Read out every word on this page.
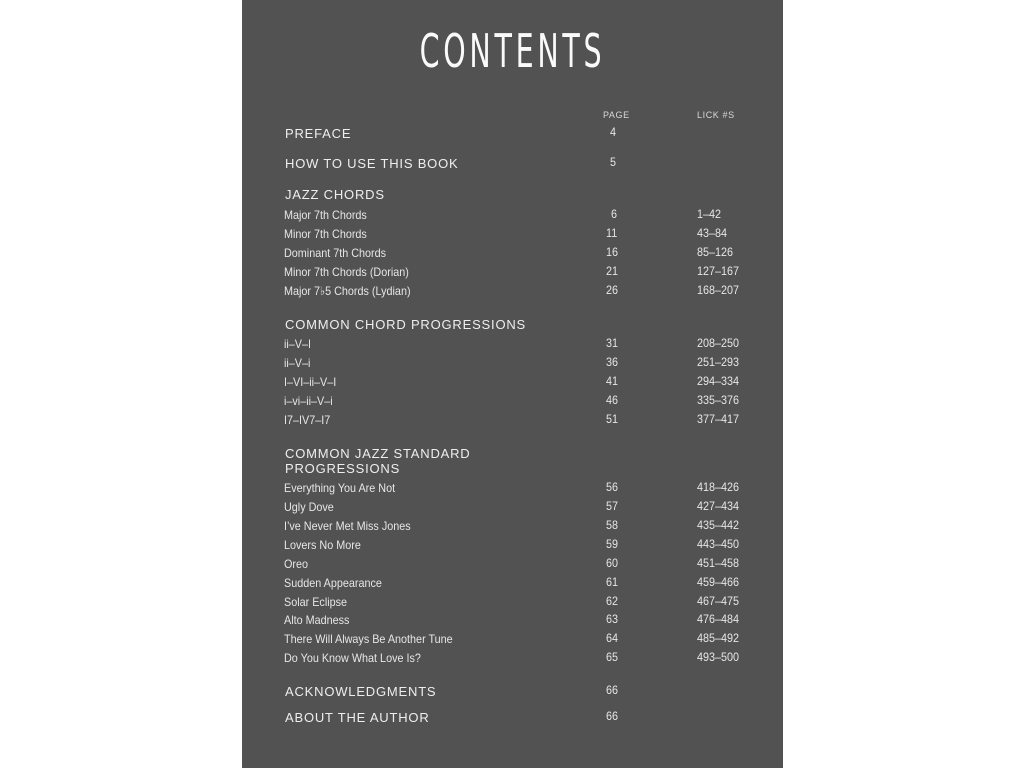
CONTENTS
PAGE	LICK #S
PREFACE	4
HOW TO USE THIS BOOK	5
JAZZ CHORDS
Major 7th Chords	6	1–42
Minor 7th Chords	11	43–84
Dominant 7th Chords	16	85–126
Minor 7th Chords (Dorian)	21	127–167
Major 7♭5 Chords (Lydian)	26	168–207
COMMON CHORD PROGRESSIONS
ii–V–I	31	208–250
ii–V–i	36	251–293
I–VI–ii–V–I	41	294–334
i–vi–ii–V–i	46	335–376
I7–IV7–I7	51	377–417
COMMON JAZZ STANDARD
PROGRESSIONS
Everything You Are Not	56	418–426
Ugly Dove	57	427–434
I’ve Never Met Miss Jones	58	435–442
Lovers No More	59	443–450
Oreo	60	451–458
Sudden Appearance	61	459–466
Solar Eclipse	62	467–475
Alto Madness	63	476–484
There Will Always Be Another Tune	64	485–492
Do You Know What Love Is?	65	493–500
ACKNOWLEDGMENTS	66
ABOUT THE AUTHOR	66
